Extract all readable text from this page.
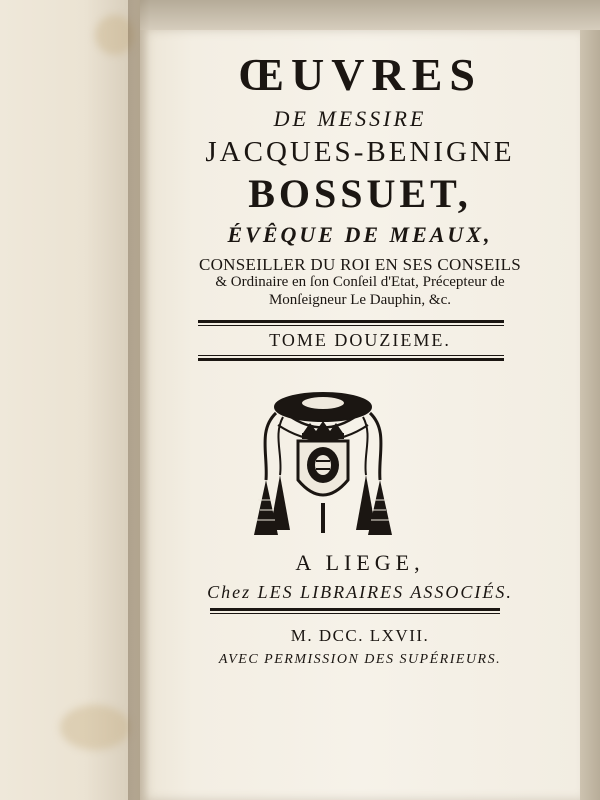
ŒUVRES
DE MESSIRE
JACQUES-BENIGNE
BOSSUET,
ÉVÊQUE DE MEAUX,
CONSEILLER DU ROI EN SES CONSEILS
& Ordinaire en ſon Conſeil d'Etat, Précepteur de
Monſeigneur Le Dauphin, &c.
TOME DOUZIEME.
A LIEGE,
Chez LES LIBRAIRES ASSOCIÉS.
M. DCC. LXVII.
AVEC PERMISSION DES SUPÉRIEURS.
